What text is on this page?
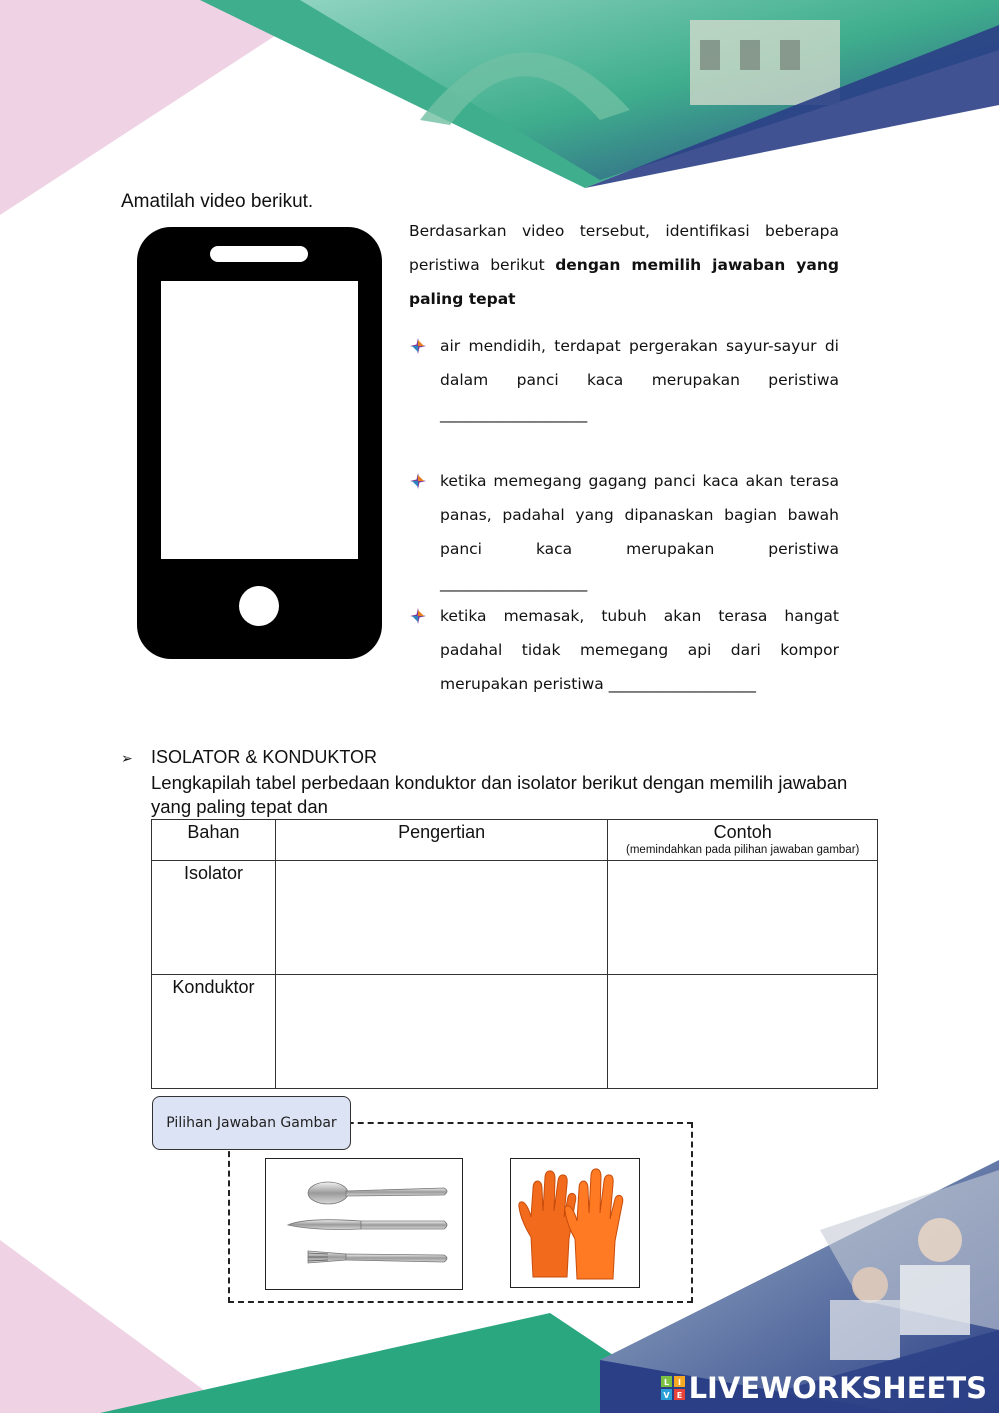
Amatilah video berikut.
Berdasarkan video tersebut, identifikasi beberapa peristiwa berikut dengan memilih jawaban yang paling tepat
air mendidih, terdapat pergerakan sayur-sayur di dalam panci kaca merupakan peristiwa ___________________
ketika memegang gagang panci kaca akan terasa panas, padahal yang dipanaskan bagian bawah panci kaca merupakan peristiwa ___________________
ketika memasak, tubuh akan terasa hangat padahal tidak memegang api dari kompor merupakan peristiwa ___________________
➢ ISOLATOR & KONDUKTOR
Lengkapilah tabel perbedaan konduktor dan isolator berikut dengan memilih jawaban yang paling tepat dan
Bahan	Pengertian	Contoh
(memindahkan pada pilihan jawaban gambar)

Isolator		
Konduktor		
Pilihan Jawaban Gambar
L I
V E LIVEWORKSHEETS
